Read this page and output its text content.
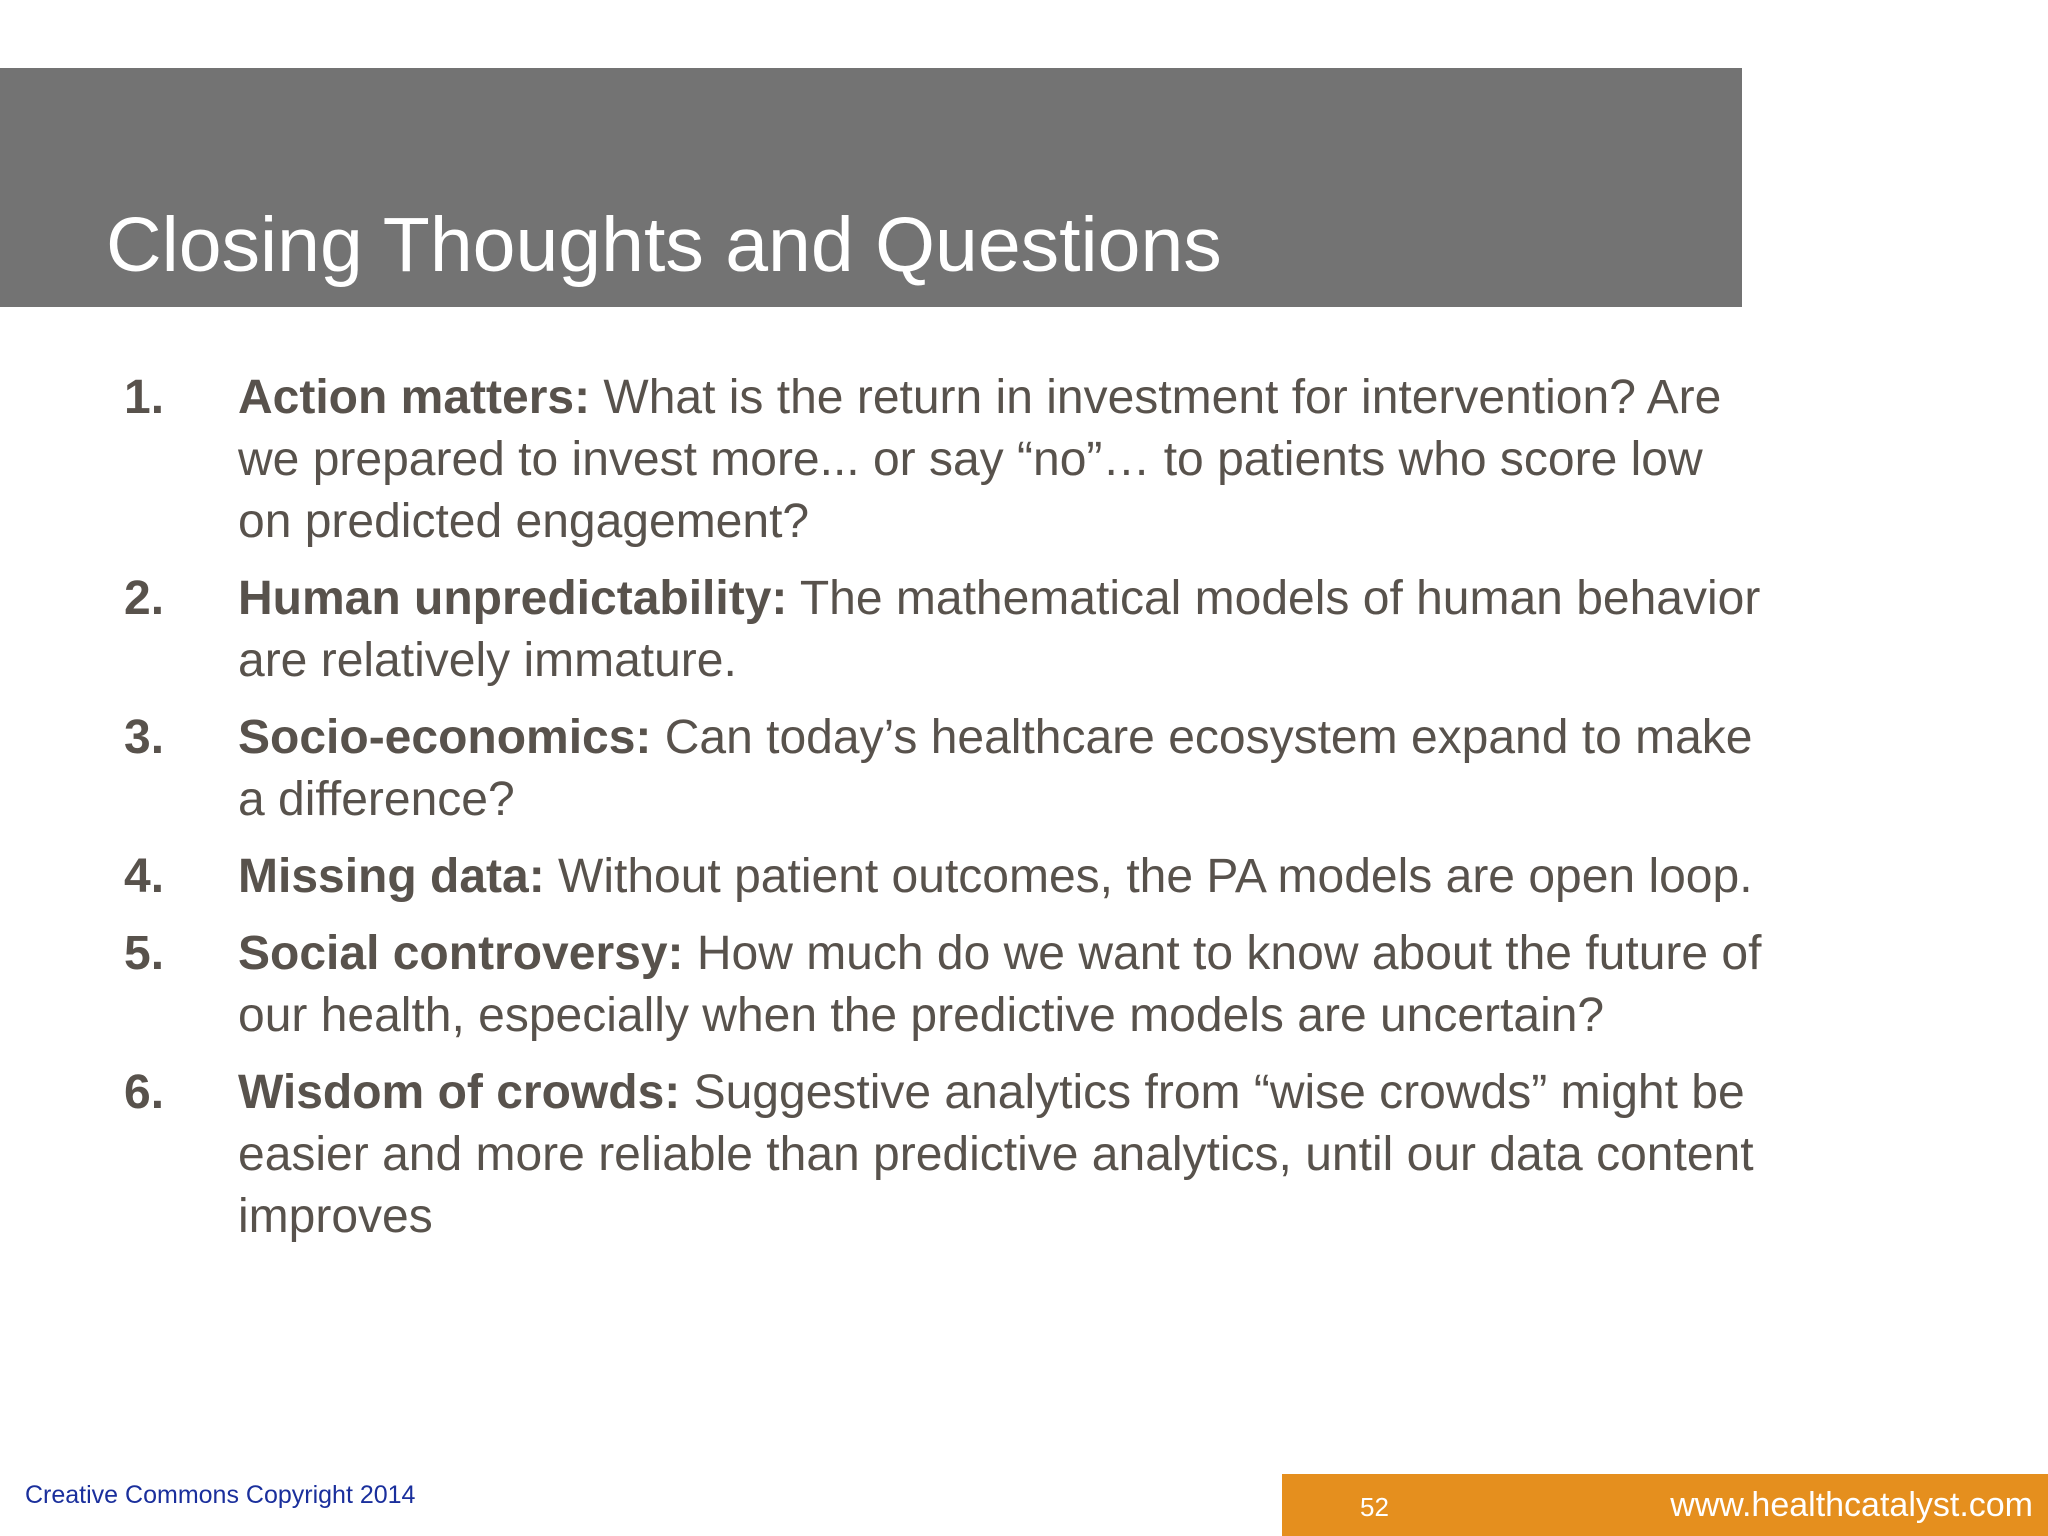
Closing Thoughts and Questions
1. Action matters: What is the return in investment for intervention? Are we prepared to invest more... or say “no”… to patients who score low on predicted engagement?
2. Human unpredictability: The mathematical models of human behavior are relatively immature.
3. Socio-economics: Can today’s healthcare ecosystem expand to make a difference?
4. Missing data: Without patient outcomes, the PA models are open loop.
5. Social controversy: How much do we want to know about the future of our health, especially when the predictive models are uncertain?
6. Wisdom of crowds: Suggestive analytics from “wise crowds” might be easier and more reliable than predictive analytics, until our data content improves
Creative Commons Copyright 2014	52	www.healthcatalyst.com
